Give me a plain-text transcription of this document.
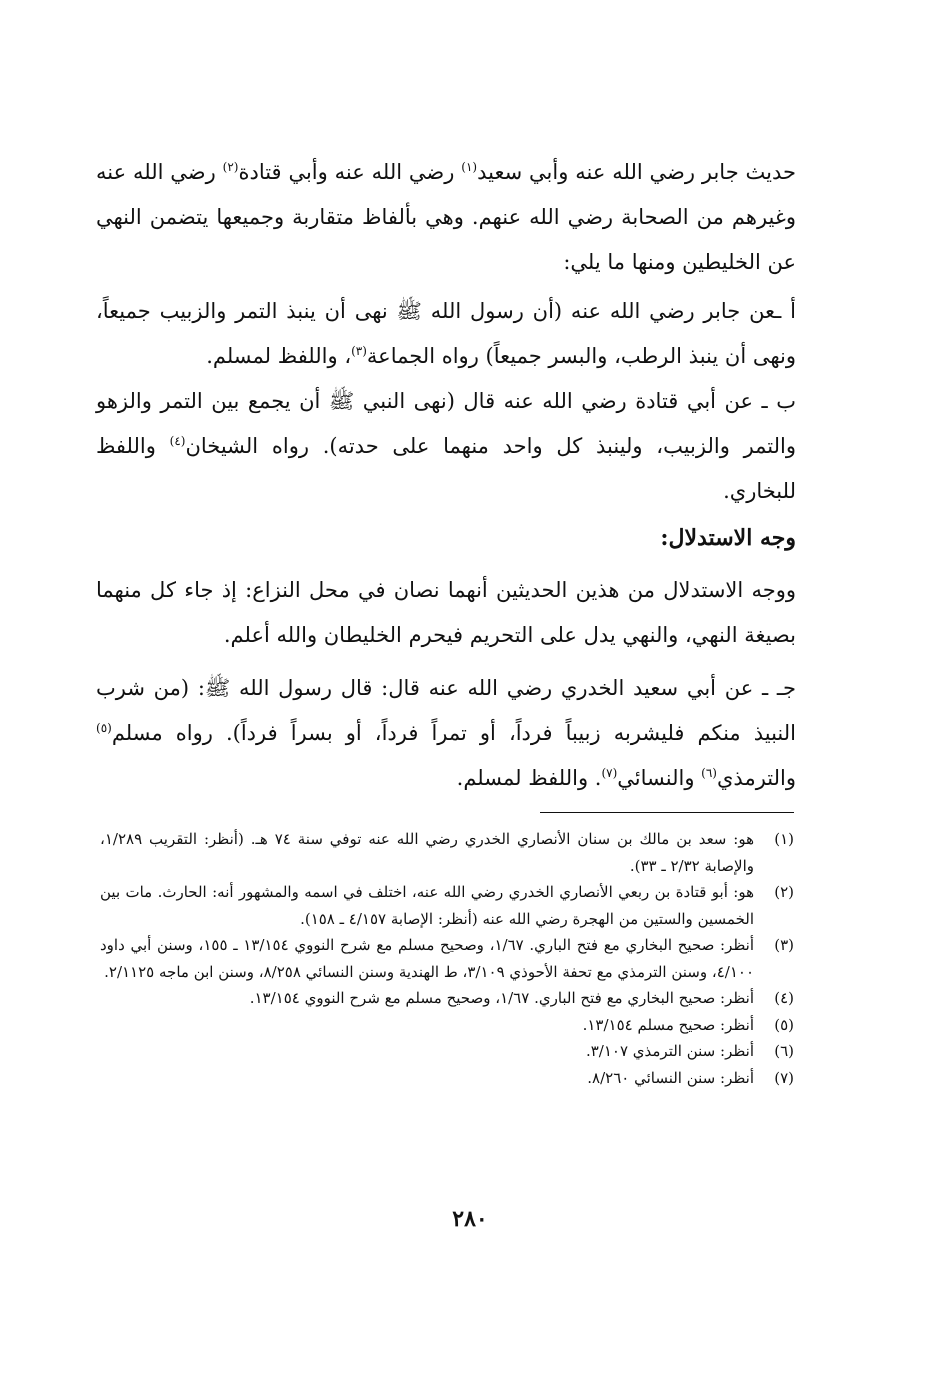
حديث جابر رضي الله عنه وأبي سعيد$^{(١)}$ رضي الله عنه وأبي قتادة$^{(٢)}$ رضي الله عنه وغيرهم من الصحابة رضي الله عنهم. وهي بألفاظ متقاربة وجميعها يتضمن النهي عن الخليطين ومنها ما يلي:

أ ـعن جابر رضي الله عنه (أن رسول الله ﷺ نهى أن ينبذ التمر والزبيب جميعاً، ونهى أن ينبذ الرطب، والبسر جميعاً) رواه الجماعة$^{(٣)}$، واللفظ لمسلم.

ب ـ عن أبي قتادة رضي الله عنه قال (نهى النبي ﷺ أن يجمع بين التمر والزهو والتمر والزبيب، ولينبذ كل واحد منهما على حدته). رواه الشيخان$^{(٤)}$ واللفظ للبخاري.

وجه الاستدلال:

ووجه الاستدلال من هذين الحديثين أنهما نصان في محل النزاع: إذ جاء كل منهما بصيغة النهي، والنهي يدل على التحريم فيحرم الخليطان والله أعلم.

جـ ـ عن أبي سعيد الخدري رضي الله عنه قال: قال رسول الله ﷺ: (من شرب النبيذ منكم فليشربه زبيباً فرداً، أو تمراً فرداً، أو بسراً فرداً). رواه مسلم$^{(٥)}$ والترمذي$^{(٦)}$ والنسائي$^{(٧)}$. واللفظ لمسلم.

(١)
هو: سعد بن مالك بن سنان الأنصاري الخدري رضي الله عنه توفي سنة ٧٤ هـ. (أنظر: التقريب ١/٢٨٩، والإصابة ٢/٣٢ ـ ٣٣).
(٢)
هو: أبو قتادة بن ربعي الأنصاري الخدري رضي الله عنه، اختلف في اسمه والمشهور أنه: الحارث. مات بين الخمسين والستين من الهجرة رضي الله عنه (أنظر: الإصابة ٤/١٥٧ ـ ١٥٨).
(٣)
أنظر: صحيح البخاري مع فتح الباري. ١/٦٧، وصحيح مسلم مع شرح النووي ١٣/١٥٤ ـ ١٥٥، وسنن أبي داود ٤/١٠٠، وسنن الترمذي مع تحفة الأحوذي ٣/١٠٩، ط الهندية وسنن النسائي ٨/٢٥٨، وسنن ابن ماجه ٢/١١٢٥.
(٤)
أنظر: صحيح البخاري مع فتح الباري. ١/٦٧، وصحيح مسلم مع شرح النووي ١٣/١٥٤.
(٥)
أنظر: صحيح مسلم ١٣/١٥٤.
(٦)
أنظر: سنن الترمذي ٣/١٠٧.
(٧)
أنظر: سنن النسائي ٨/٢٦٠.
٢٨٠
